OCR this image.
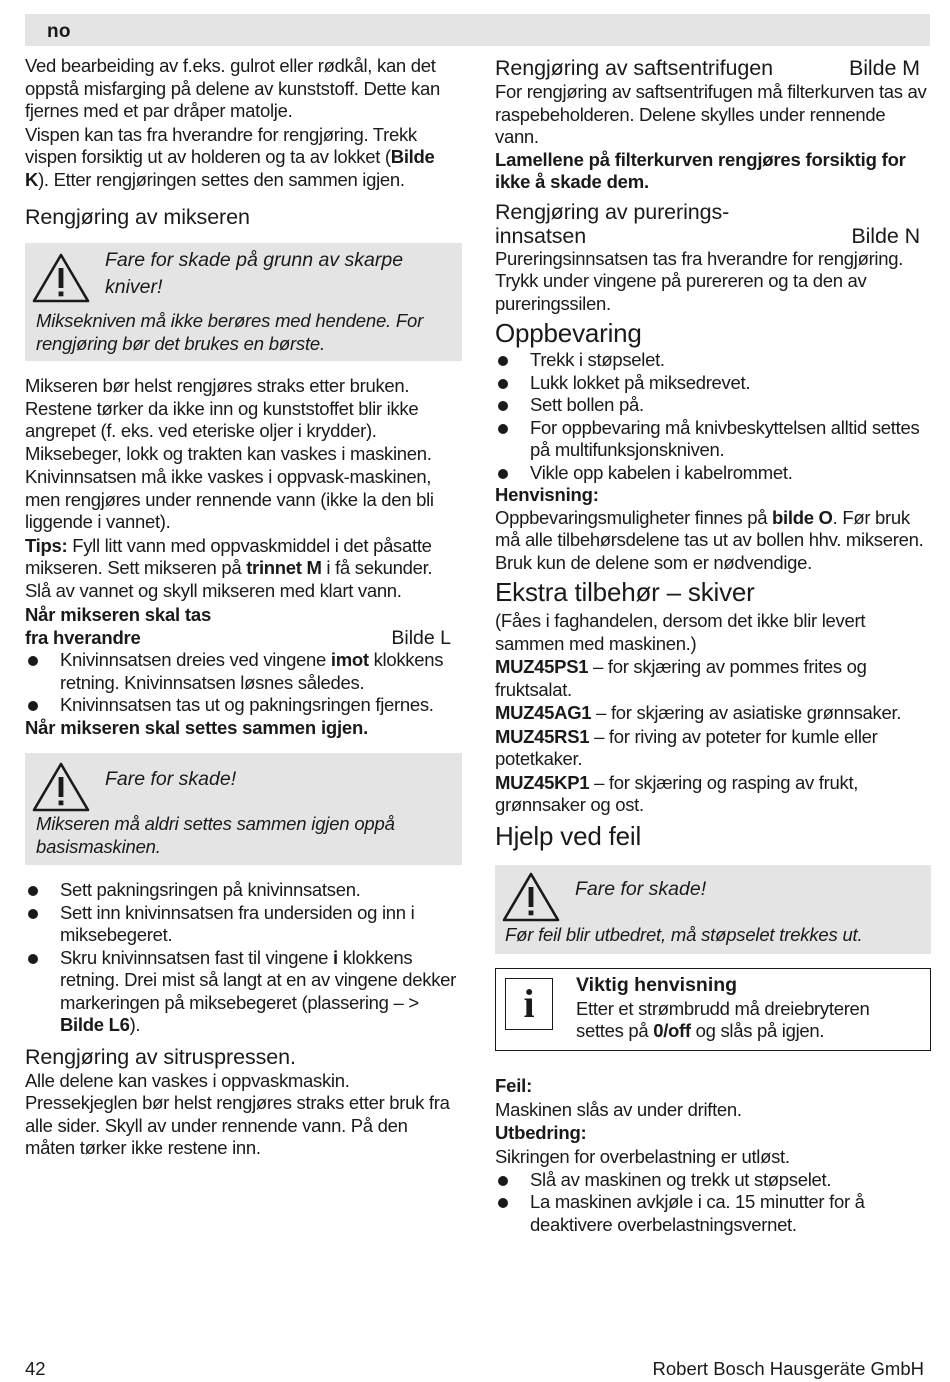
no

Ved bearbeiding av f.eks. gulrot eller rødkål, kan det oppstå misfarging på delene av kunststoff. Dette kan fjernes med et par dråper matolje.

Vispen kan tas fra hverandre for rengjøring. Trekk vispen forsiktig ut av holderen og ta av lokket (Bilde K). Etter rengjøringen settes den sammen igjen.

Rengjøring av mikseren
Fare for skade på grunn av skarpe kniver!
Miksekniven må ikke berøres med hendene. For rengjøring bør det brukes en børste.

Mikseren bør helst rengjøres straks etter bruken. Restene tørker da ikke inn og kunststoffet blir ikke angrepet (f. eks. ved eteriske oljer i krydder). Miksebeger, lokk og trakten kan vaskes i maskinen.

Knivinnsatsen må ikke vaskes i oppvask-maskinen, men rengjøres under rennende vann (ikke la den bli liggende i vannet).

Tips: Fyll litt vann med oppvaskmiddel i det påsatte mikseren. Sett mikseren på trinnet M i få sekunder. Slå av vannet og skyll mikseren med klart vann.

Når mikseren skal tas
fra hverandre	Bilde L
Knivinnsatsen dreies ved vingene imot klokkens retning. Knivinnsatsen løsnes således.
Knivinnsatsen tas ut og pakningsringen fjernes.
Når mikseren skal settes sammen igjen.
Fare for skade!
Mikseren må aldri settes sammen igjen oppå basismaskinen.
Sett pakningsringen på knivinnsatsen.
Sett inn knivinnsatsen fra undersiden og inn i miksebegeret.
Skru knivinnsatsen fast til vingene i klokkens retning. Drei mist så langt at en av vingene dekker markeringen på miksebegeret (plassering – > Bilde L6).
Rengjøring av sitruspressen.

Alle delene kan vaskes i oppvaskmaskin. Pressekjeglen bør helst rengjøres straks etter bruk fra alle sider. Skyll av under rennende vann. På den måten tørker ikke restene inn.

Rengjøring av saftsentrifugen	Bilde M

For rengjøring av saftsentrifugen må filterkurven tas av raspebeholderen. Delene skylles under rennende vann.

Lamellene på filterkurven rengjøres forsiktig for ikke å skade dem.
Rengjøring av purerings-
innsatsen	Bilde N

Pureringsinnsatsen tas fra hverandre for rengjøring. Trykk under vingene på purereren og ta den av pureringssilen.

Oppbevaring
Trekk i støpselet.
Lukk lokket på miksedrevet.
Sett bollen på.
For oppbevaring må knivbeskyttelsen alltid settes på multifunksjonskniven.
Vikle opp kabelen i kabelrommet.
Henvisning:

Oppbevaringsmuligheter finnes på bilde O. Før bruk må alle tilbehørsdelene tas ut av bollen hhv. mikseren. Bruk kun de delene som er nødvendige.

Ekstra tilbehør – skiver

(Fåes i faghandelen, dersom det ikke blir levert sammen med maskinen.)

MUZ45PS1 – for skjæring av pommes frites og fruktsalat.

MUZ45AG1 – for skjæring av asiatiske grønnsaker.

MUZ45RS1 – for riving av poteter for kumle eller potetkaker.

MUZ45KP1 – for skjæring og rasping av frukt, grønnsaker og ost.

Hjelp ved feil
Fare for skade!
Før feil blir utbedret, må støpselet trekkes ut.
i	Viktig henvisning

Etter et strømbrudd må dreiebryteren settes på 0/off og slås på igjen.

Feil:

Maskinen slås av under driften.

Utbedring:

Sikringen for overbelastning er utløst.

Slå av maskinen og trekk ut støpselet.
La maskinen avkjøle i ca. 15 minutter for å deaktivere overbelastningsvernet.
42	Robert Bosch Hausgeräte GmbH
